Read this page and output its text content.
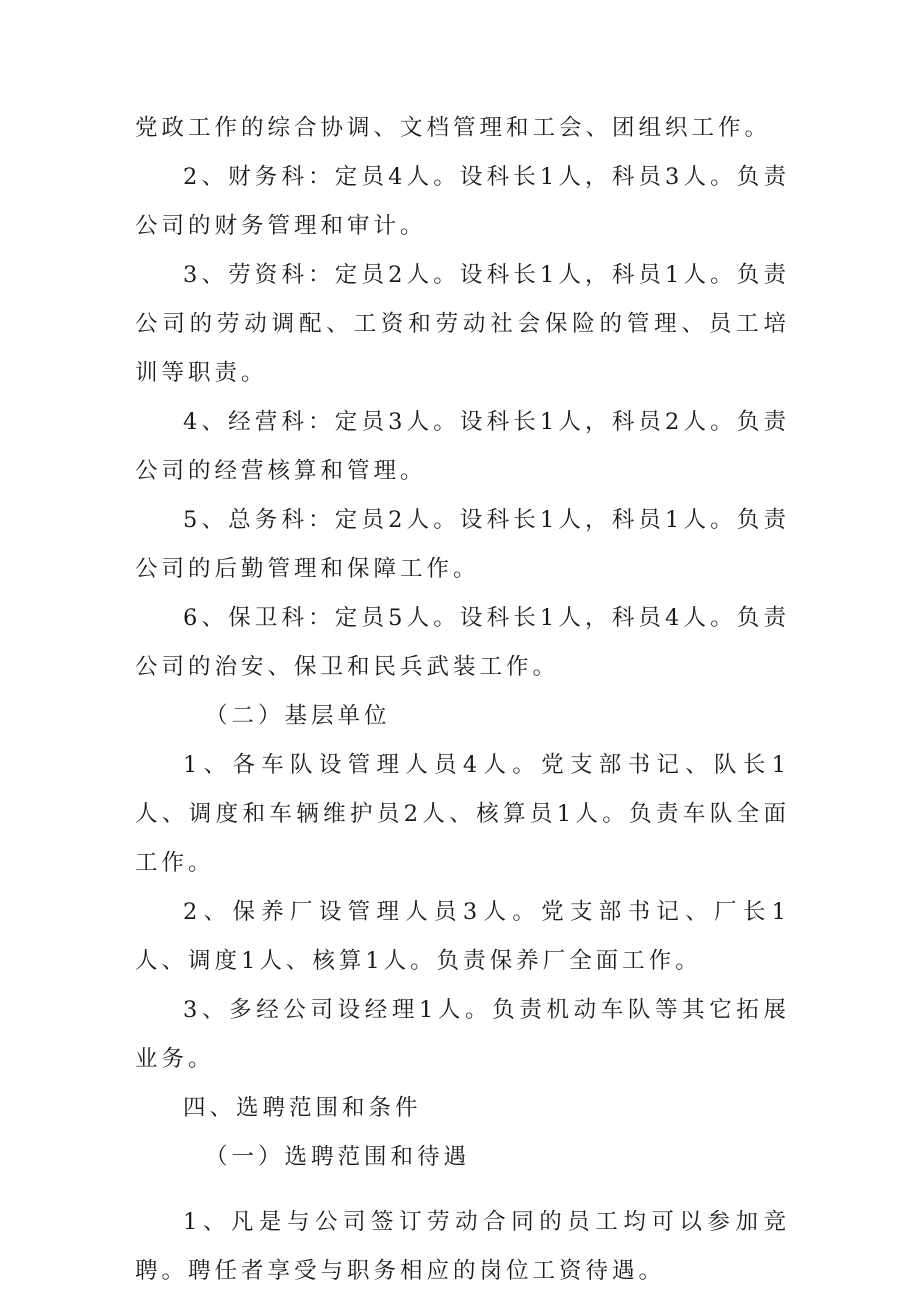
党政工作的综合协调、文档管理和工会、团组织工作。

2、财务科：定员4人。设科长1人，科员3人。负责公司的财务管理和审计。

3、劳资科：定员2人。设科长1人，科员1人。负责公司的劳动调配、工资和劳动社会保险的管理、员工培训等职责。

4、经营科：定员3人。设科长1人，科员2人。负责公司的经营核算和管理。

5、总务科：定员2人。设科长1人，科员1人。负责公司的后勤管理和保障工作。

6、保卫科：定员5人。设科长1人，科员4人。负责公司的治安、保卫和民兵武装工作。

（二）基层单位

1、各车队设管理人员4人。党支部书记、队长1人、调度和车辆维护员2人、核算员1人。负责车队全面工作。

2、保养厂设管理人员3人。党支部书记、厂长1人、调度1人、核算1人。负责保养厂全面工作。

3、多经公司设经理1人。负责机动车队等其它拓展业务。

四、选聘范围和条件

（一）选聘范围和待遇

1、凡是与公司签订劳动合同的员工均可以参加竞聘。聘任者享受与职务相应的岗位工资待遇。
